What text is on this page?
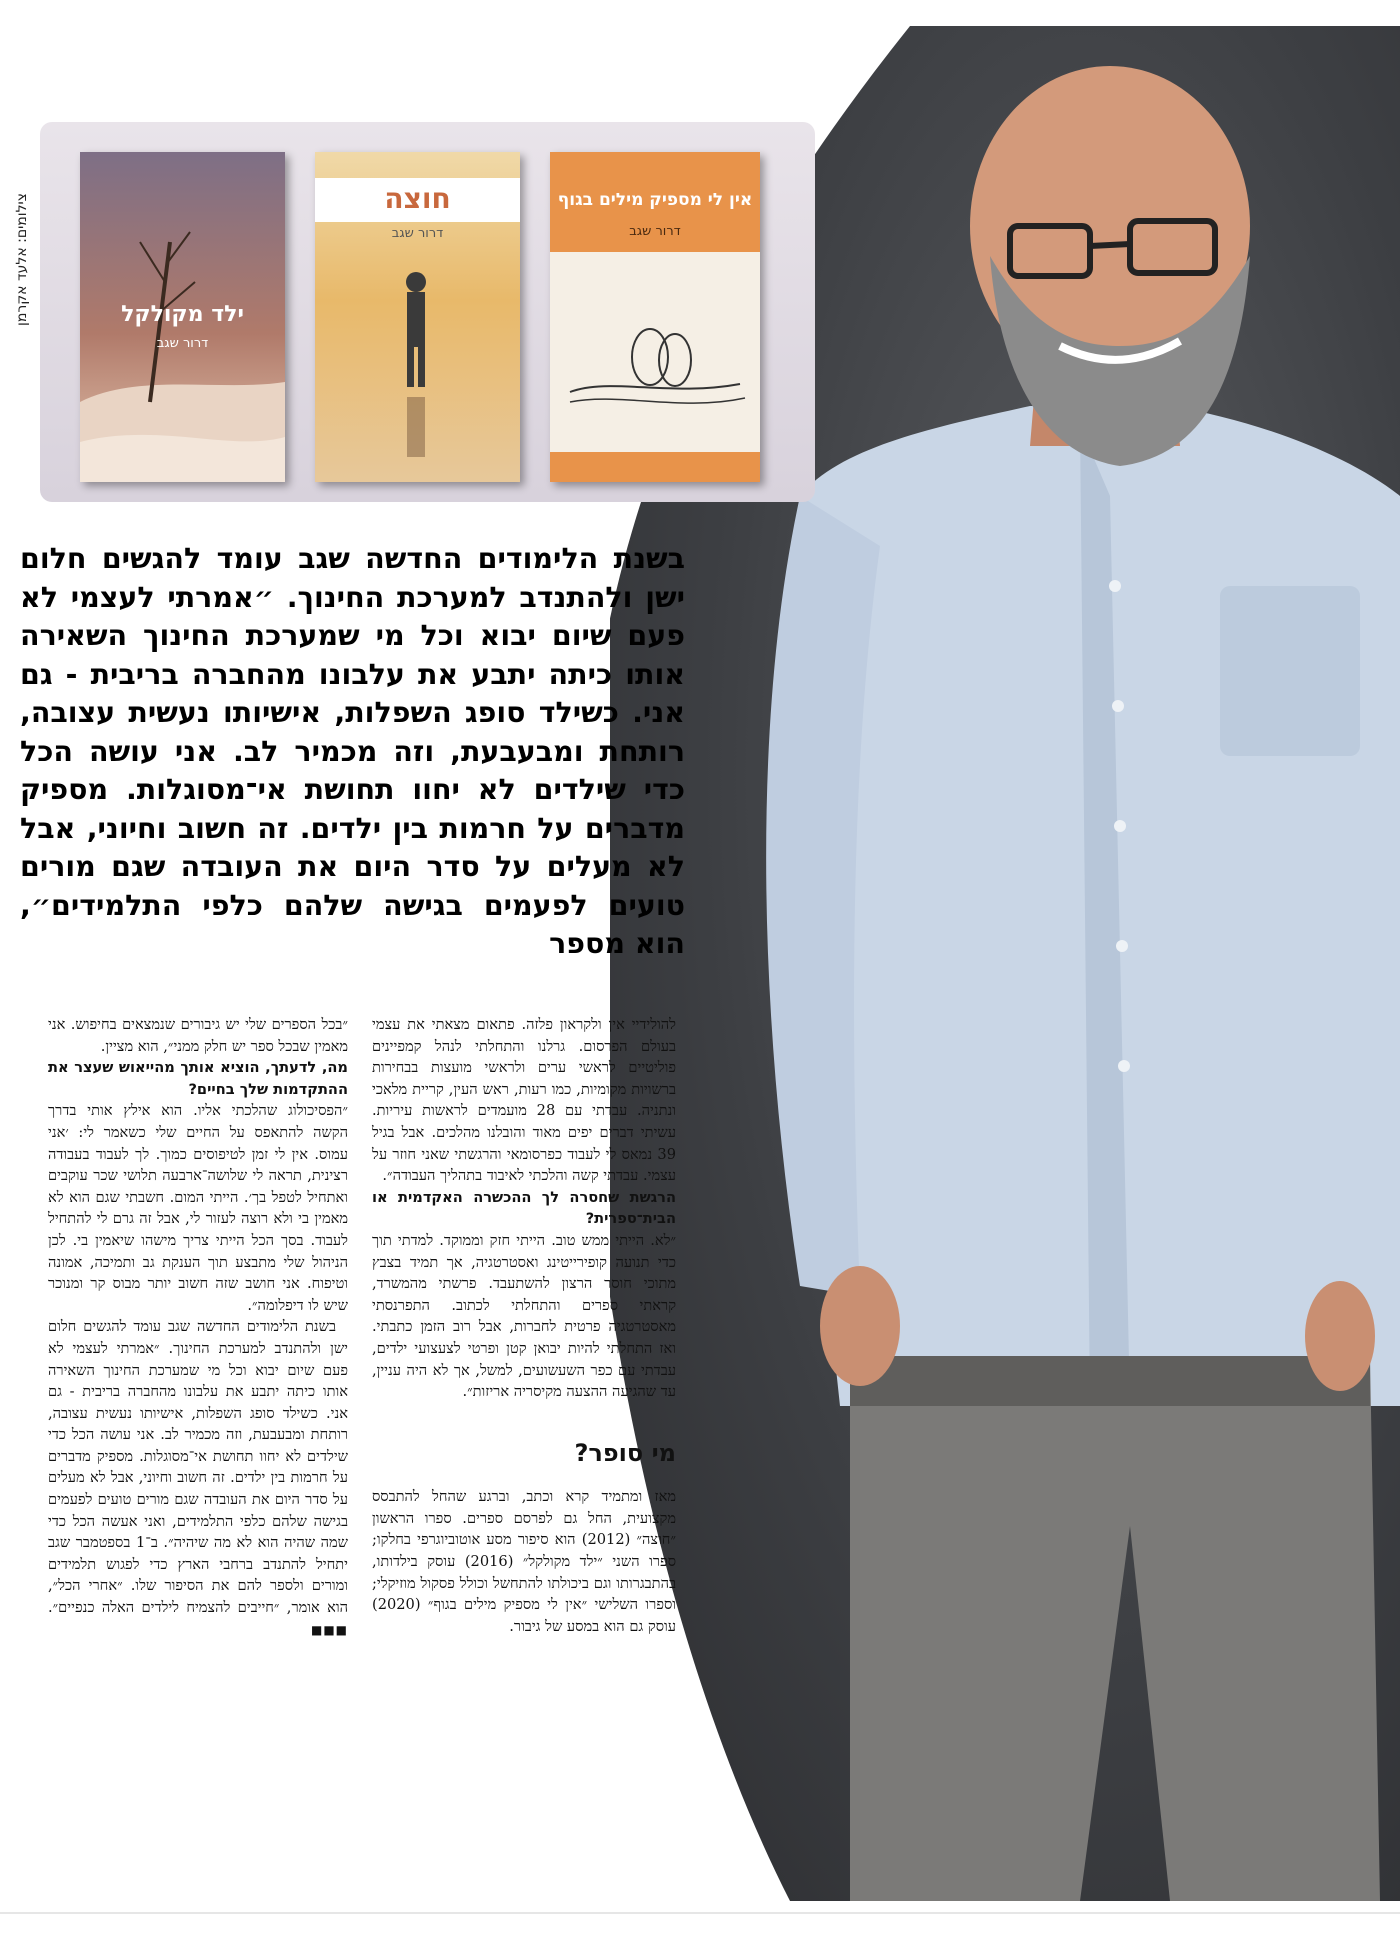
צילומים: אלעד אקרמן	אין לי מספיק מילים בגוף
דרור שגב
חוצה
דרור שגב
ילד מקולקל
דרור שגב
בשנת הלימודים החדשה שגב עומד להגשים חלום ישן ולהתנדב למערכת החינוך. ״אמרתי לעצמי לא פעם שיום יבוא וכל מי שמערכת החינוך השאירה אותו כיתה יתבע את עלבונו מהחברה בריבית - גם אני. כשילד סופג השפלות, אישיותו נעשית עצובה, רותחת ומבעבעת, וזה מכמיר לב. אני עושה הכל כדי שילדים לא יחוו תחושת אי־מסוגלות. מספיק מדברים על חרמות בין ילדים. זה חשוב וחיוני, אבל לא מעלים על סדר היום את העובדה שגם מורים טועים לפעמים בגישה שלהם כלפי התלמידים״, הוא מספר

להולידיי אין ולקראון פלזה. פתאום מצאתי את עצמי בעולם הפרסום. גרלנו והתחלתי לנהל קמפיינים פוליטיים לראשי ערים ולראשי מועצות בבחירות ברשויות מקומיות, כמו רעות, ראש העין, קריית מלאכי ונתניה. עבדתי עם 28 מועמדים לראשות עיריות. עשיתי דברים יפים מאוד והובלנו מהלכים. אבל בגיל 39 נמאס לי לעבוד כפרסומאי והרגשתי שאני חוזר על עצמי. עבדתי קשה והלכתי לאיבוד בתהליך העבודה״.

הרגשת שחסרה לך ההכשרה האקדמית או הבית־ספרית?

״לא. הייתי ממש טוב. הייתי חזק וממוקד. למדתי תוך כדי תנועה קופירייטינג ואסטרטגיה, אך תמיד בצבץ מתוכי חוסר הרצון להשתעבד. פרשתי מהמשרד, קראתי ספרים והתחלתי לכתוב. התפרנסתי מאסטרטגיה פרטית לחברות, אבל רוב הזמן כתבתי. ואז התחלתי להיות יבואן קטן ופרטי לצעצועי ילדים, עבדתי עם כפר השעשועים, למשל, אך לא היה עניין, עד שהגיעה ההצעה מקיסריה אריזות״.

מי סופר?

מאז ומתמיד קרא וכתב, וברגע שהחל להתבסס מקצועית, החל גם לפרסם ספרים. ספרו הראשון ״חוצה״ (2012) הוא סיפור מסע אוטוביוגרפי בחלקו; ספרו השני ״ילד מקולקל״ (2016) עוסק בילדותו, בהתבגרותו וגם ביכולתו להתחשל וכולל פסקול מוזיקלי; וספרו השלישי ״אין לי מספיק מילים בגוף״ (2020) עוסק גם הוא במסע של גיבור.

״בכל הספרים שלי יש גיבורים שנמצאים בחיפוש. אני מאמין שבכל ספר יש חלק ממני״, הוא מציין.

מה, לדעתך, הוציא אותך מהייאוש שעצר את ההתקדמות שלך בחיים?

״הפסיכולוג שהלכתי אליו. הוא אילץ אותי בדרך הקשה להתאפס על החיים שלי כשאמר לי: ׳אני עמוס. אין לי זמן לטיפוסים כמוך. לך לעבוד בעבודה רצינית, תראה לי שלושה־ארבעה תלושי שכר עוקבים ואתחיל לטפל בך׳. הייתי המום. חשבתי שגם הוא לא מאמין בי ולא רוצה לעזור לי, אבל זה גרם לי להתחיל לעבוד. בסך הכל הייתי צריך מישהו שיאמין בי. לכן הניהול שלי מתבצע תוך הענקת גב ותמיכה, אמונה וטיפוח. אני חושב שזה חשוב יותר מבוס קר ומנוכר שיש לו דיפלומה״.

בשנת הלימודים החדשה שגב עומד להגשים חלום ישן ולהתנדב למערכת החינוך. ״אמרתי לעצמי לא פעם שיום יבוא וכל מי שמערכת החינוך השאירה אותו כיתה יתבע את עלבונו מהחברה בריבית - גם אני. כשילד סופג השפלות, אישיותו נעשית עצובה, רותחת ומבעבעת, וזה מכמיר לב. אני עושה הכל כדי שילדים לא יחוו תחושת אי־מסוגלות. מספיק מדברים על חרמות בין ילדים. זה חשוב וחיוני, אבל לא מעלים על סדר היום את העובדה שגם מורים טועים לפעמים בגישה שלהם כלפי התלמידים, ואני אעשה הכל כדי שמה שהיה הוא לא מה שיהיה״. ב־1 בספטמבר שגב יתחיל להתנדב ברחבי הארץ כדי לפגוש תלמידים ומורים ולספר להם את הסיפור שלו. ״אחרי הכל״, הוא אומר, ״חייבים להצמיח לילדים האלה כנפיים״. ■■■
